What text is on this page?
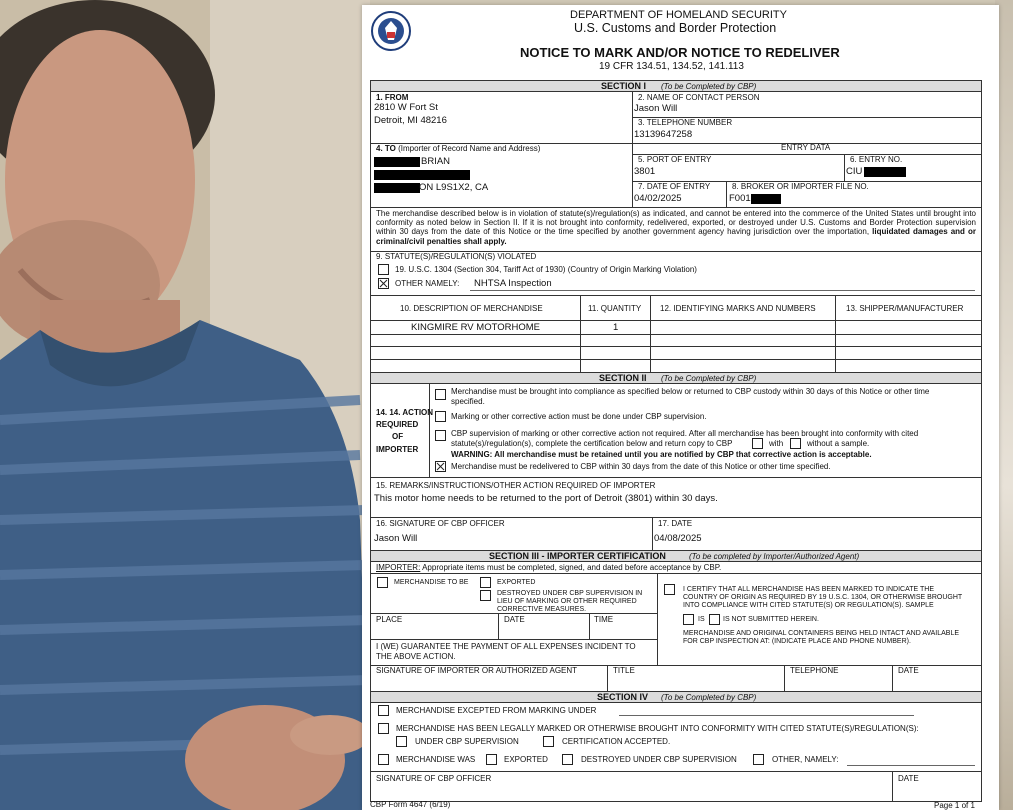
DEPARTMENT OF HOMELAND SECURITY
U.S. Customs and Border Protection
NOTICE TO MARK AND/OR NOTICE TO REDELIVER
19 CFR 134.51, 134.52, 141.113
SECTION I (To be Completed by CBP)
1. FROM
2810 W Fort St
Detroit, MI 48216
2. NAME OF CONTACT PERSON
Jason Will
3. TELEPHONE NUMBER
13139647258
4. TO (Importer of Record Name and Address)
BRIAN
ON L9S1X2, CA
ENTRY DATA
5. PORT OF ENTRY
3801
6. ENTRY NO.
CIU
7. DATE OF ENTRY
04/02/2025
8. BROKER OR IMPORTER FILE NO.
F001
The merchandise described below is in violation of statute(s)/regulation(s) as indicated, and cannot be entered into the commerce of the United States until brought into conformity as noted below in Section II. If it is not brought into conformity, redelivered, exported, or destroyed under U.S. Customs and Border Protection supervision within 30 days from the date of this Notice or the time specified by another government agency having jurisdiction over the importation, liquidated damages and or criminal/civil penalties shall apply.
9. STATUTE(S)/REGULATION(S) VIOLATED
19. U.S.C. 1304 (Section 304, Tariff Act of 1930) (Country of Origin Marking Violation)
OTHER NAMELY: NHTSA Inspection
10. DESCRIPTION OF MERCHANDISE	11. QUANTITY 12. IDENTIFYING MARKS AND NUMBERS	13. SHIPPER/MANUFACTURER
KINGMIRE RV MOTORHOME	1
SECTION II (To be Completed by CBP)
14. 14. ACTION
REQUIRED
OF
IMPORTER
Merchandise must be brought into compliance as specified below or returned to CBP custody within 30 days of this Notice or other time
specified.
Marking or other corrective action must be done under CBP supervision.
CBP supervision of marking or other corrective action not required. After all merchandise has been brought into conformity with cited
statute(s)/regulation(s), complete the certification below and return copy to CBP	with	without a sample.
WARNING: All merchandise must be retained until you are notified by CBP that corrective action is acceptable.
Merchandise must be redelivered to CBP within 30 days from the date of this Notice or other time specified.
15. REMARKS/INSTRUCTIONS/OTHER ACTION REQUIRED OF IMPORTER
This motor home needs to be returned to the port of Detroit (3801) within 30 days.
16. SIGNATURE OF CBP OFFICER
Jason Will
17. DATE
04/08/2025
SECTION III - IMPORTER CERTIFICATION	(To be completed by Importer/Authorized Agent)
IMPORTER: Appropriate items must be completed, signed, and dated before acceptance by CBP.
MERCHANDISE TO BE	EXPORTED
DESTROYED UNDER CBP SUPERVISION IN
LIEU OF MARKING OR OTHER REQUIRED
CORRECTIVE MEASURES.
I CERTIFY THAT ALL MERCHANDISE HAS BEEN MARKED TO INDICATE THE
COUNTRY OF ORIGIN AS REQUIRED BY 19 U.S.C. 1304, OR OTHERWISE BROUGHT
INTO COMPLIANCE WITH CITED STATUTE(S) OR REGULATION(S). SAMPLE
IS	IS NOT SUBMITTED HEREIN.
MERCHANDISE AND ORIGINAL CONTAINERS BEING HELD INTACT AND AVAILABLE
FOR CBP INSPECTION AT: (INDICATE PLACE AND PHONE NUMBER).
PLACE	DATE	TIME
I (WE) GUARANTEE THE PAYMENT OF ALL EXPENSES INCIDENT TO
THE ABOVE ACTION.
SIGNATURE OF IMPORTER OR AUTHORIZED AGENT	TITLE	TELEPHONE	DATE
SECTION IV (To be Completed by CBP)
MERCHANDISE EXCEPTED FROM MARKING UNDER
MERCHANDISE HAS BEEN LEGALLY MARKED OR OTHERWISE BROUGHT INTO CONFORMITY WITH CITED STATUTE(S)/REGULATION(S):
UNDER CBP SUPERVISION	CERTIFICATION ACCEPTED.
MERCHANDISE WAS	EXPORTED	DESTROYED UNDER CBP SUPERVISION	OTHER, NAMELY:
SIGNATURE OF CBP OFFICER	DATE
CBP Form 4647 (6/19)	Page 1 of 1
